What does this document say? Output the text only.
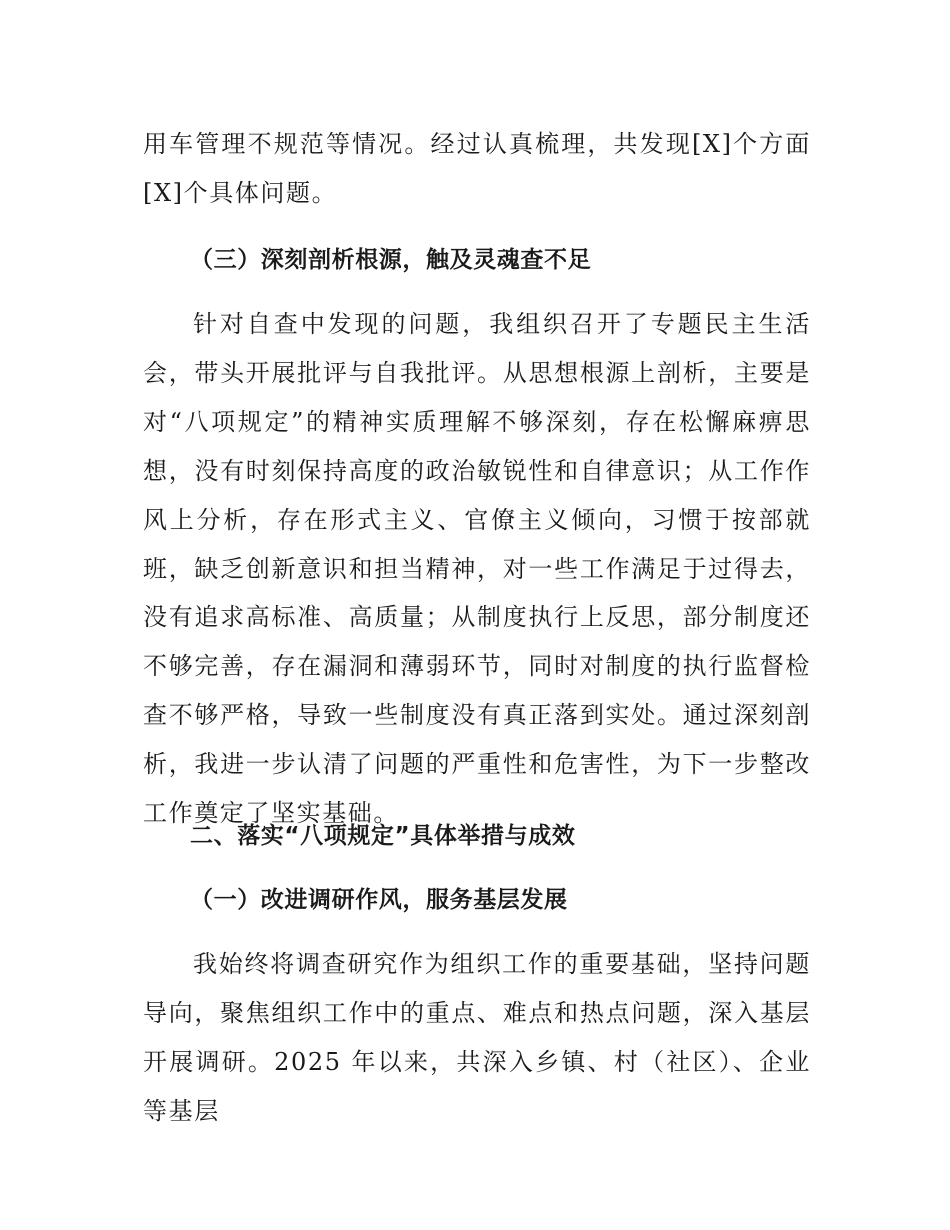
用车管理不规范等情况。经过认真梳理，共发现[X]个方面[X]个具体问题。

（三）深刻剖析根源，触及灵魂查不足

针对自查中发现的问题，我组织召开了专题民主生活会，带头开展批评与自我批评。从思想根源上剖析，主要是对“八项规定”的精神实质理解不够深刻，存在松懈麻痹思想，没有时刻保持高度的政治敏锐性和自律意识；从工作作风上分析，存在形式主义、官僚主义倾向，习惯于按部就班，缺乏创新意识和担当精神，对一些工作满足于过得去，没有追求高标准、高质量；从制度执行上反思，部分制度还不够完善，存在漏洞和薄弱环节，同时对制度的执行监督检查不够严格，导致一些制度没有真正落到实处。通过深刻剖析，我进一步认清了问题的严重性和危害性，为下一步整改工作奠定了坚实基础。

二、落实“八项规定”具体举措与成效
（一）改进调研作风，服务基层发展

我始终将调查研究作为组织工作的重要基础，坚持问题导向，聚焦组织工作中的重点、难点和热点问题，深入基层开展调研。2025 年以来，共深入乡镇、村（社区）、企业等基层
